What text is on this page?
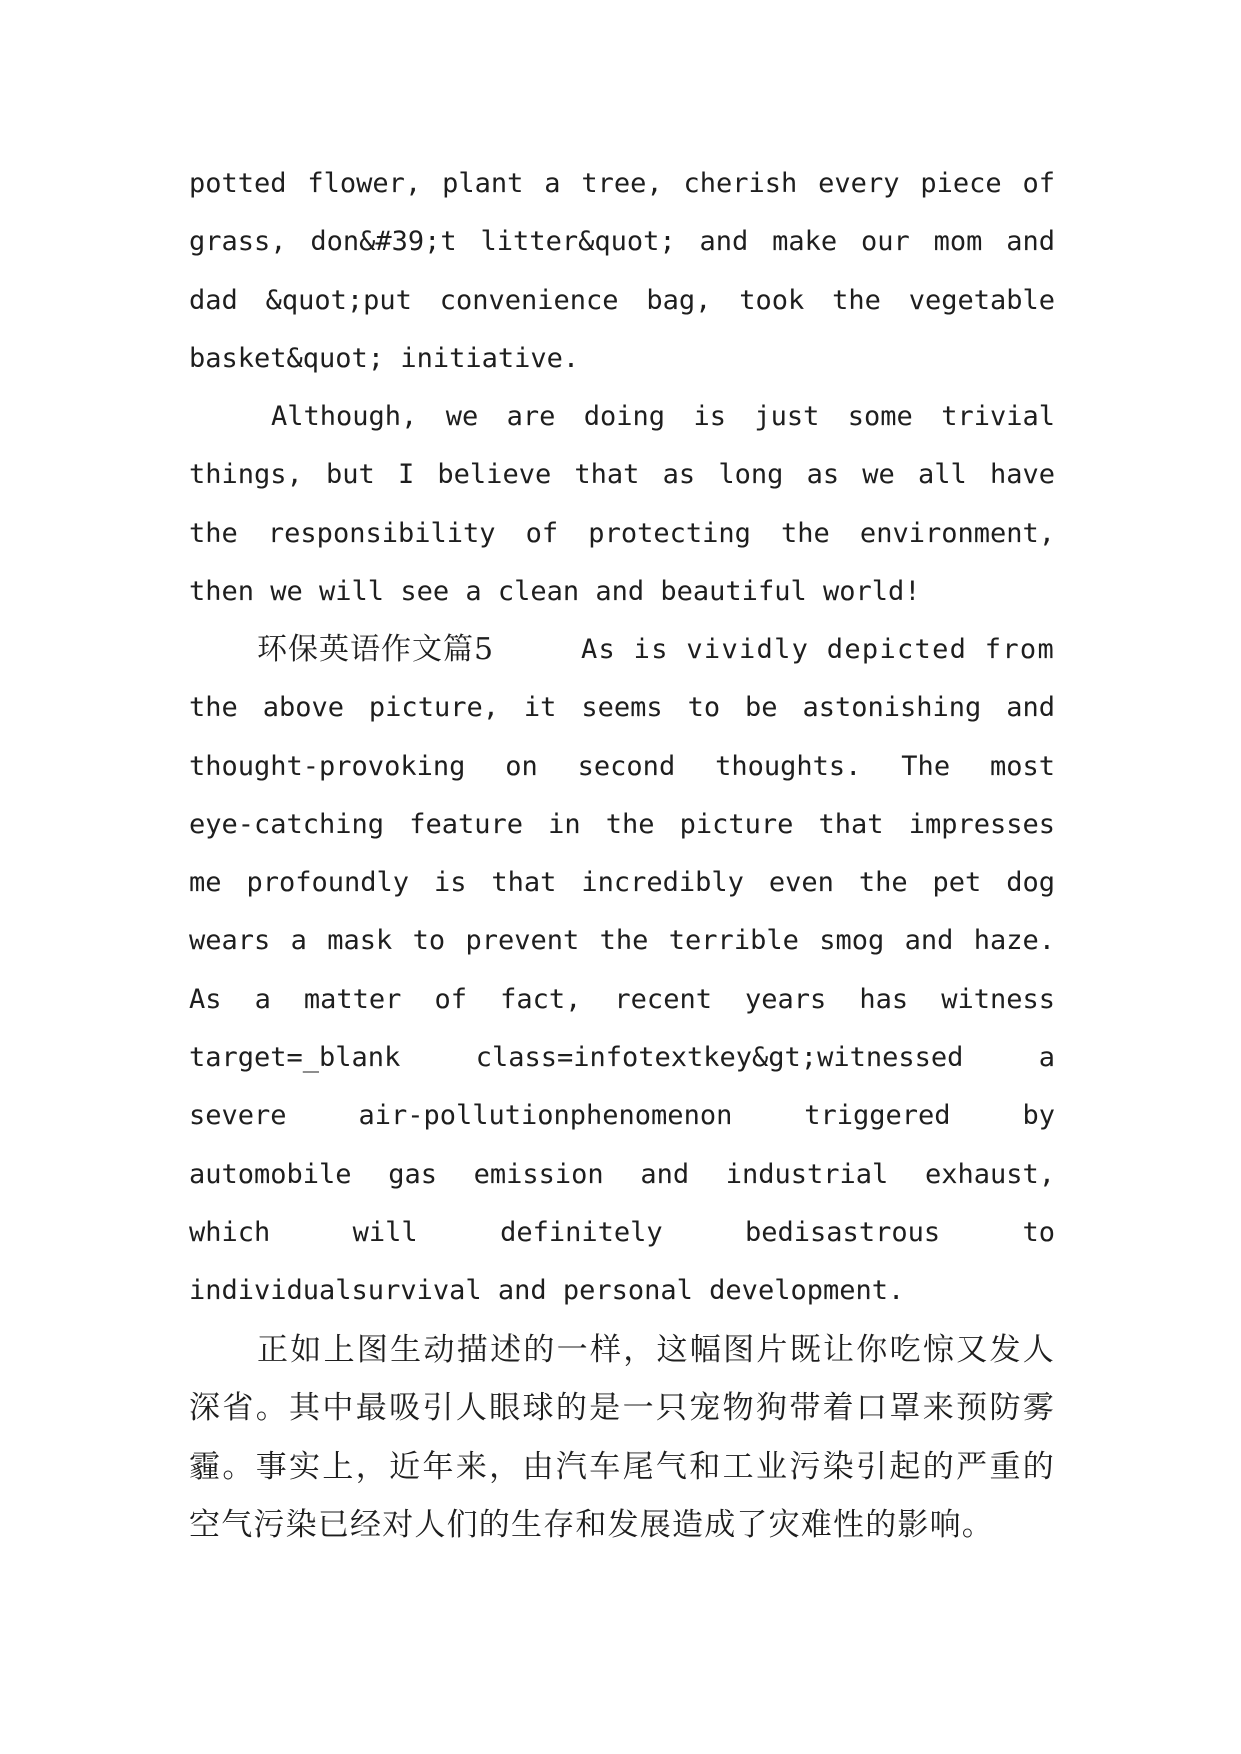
potted flower, plant a tree, cherish every piece of
grass, don&#39;t litter&quot; and make our mom and
dad &quot;put convenience bag, took the vegetable
basket&quot; initiative.
Although, we are doing is just some trivial
things, but I believe that as long as we all have
the responsibility of protecting the environment,
then we will see a clean and beautiful world!
环保英语作文篇5	As is vividly depicted from
the above picture, it seems to be astonishing and
thought-provoking on second thoughts. The most
eye-catching feature in the picture that impresses
me profoundly is that incredibly even the pet dog
wears a mask to prevent the terrible smog and haze.
As a matter of fact, recent years has witness
target=_blank class=infotextkey&gt;witnessed a
severe air-pollutionphenomenon triggered by
automobile gas emission and industrial exhaust,
which will definitely bedisastrous to
individualsurvival and personal development.
正如上图生动描述的一样，这幅图片既让你吃惊又发人
深省。其中最吸引人眼球的是一只宠物狗带着口罩来预防雾
霾。事实上，近年来，由汽车尾气和工业污染引起的严重的
空气污染已经对人们的生存和发展造成了灾难性的影响。
